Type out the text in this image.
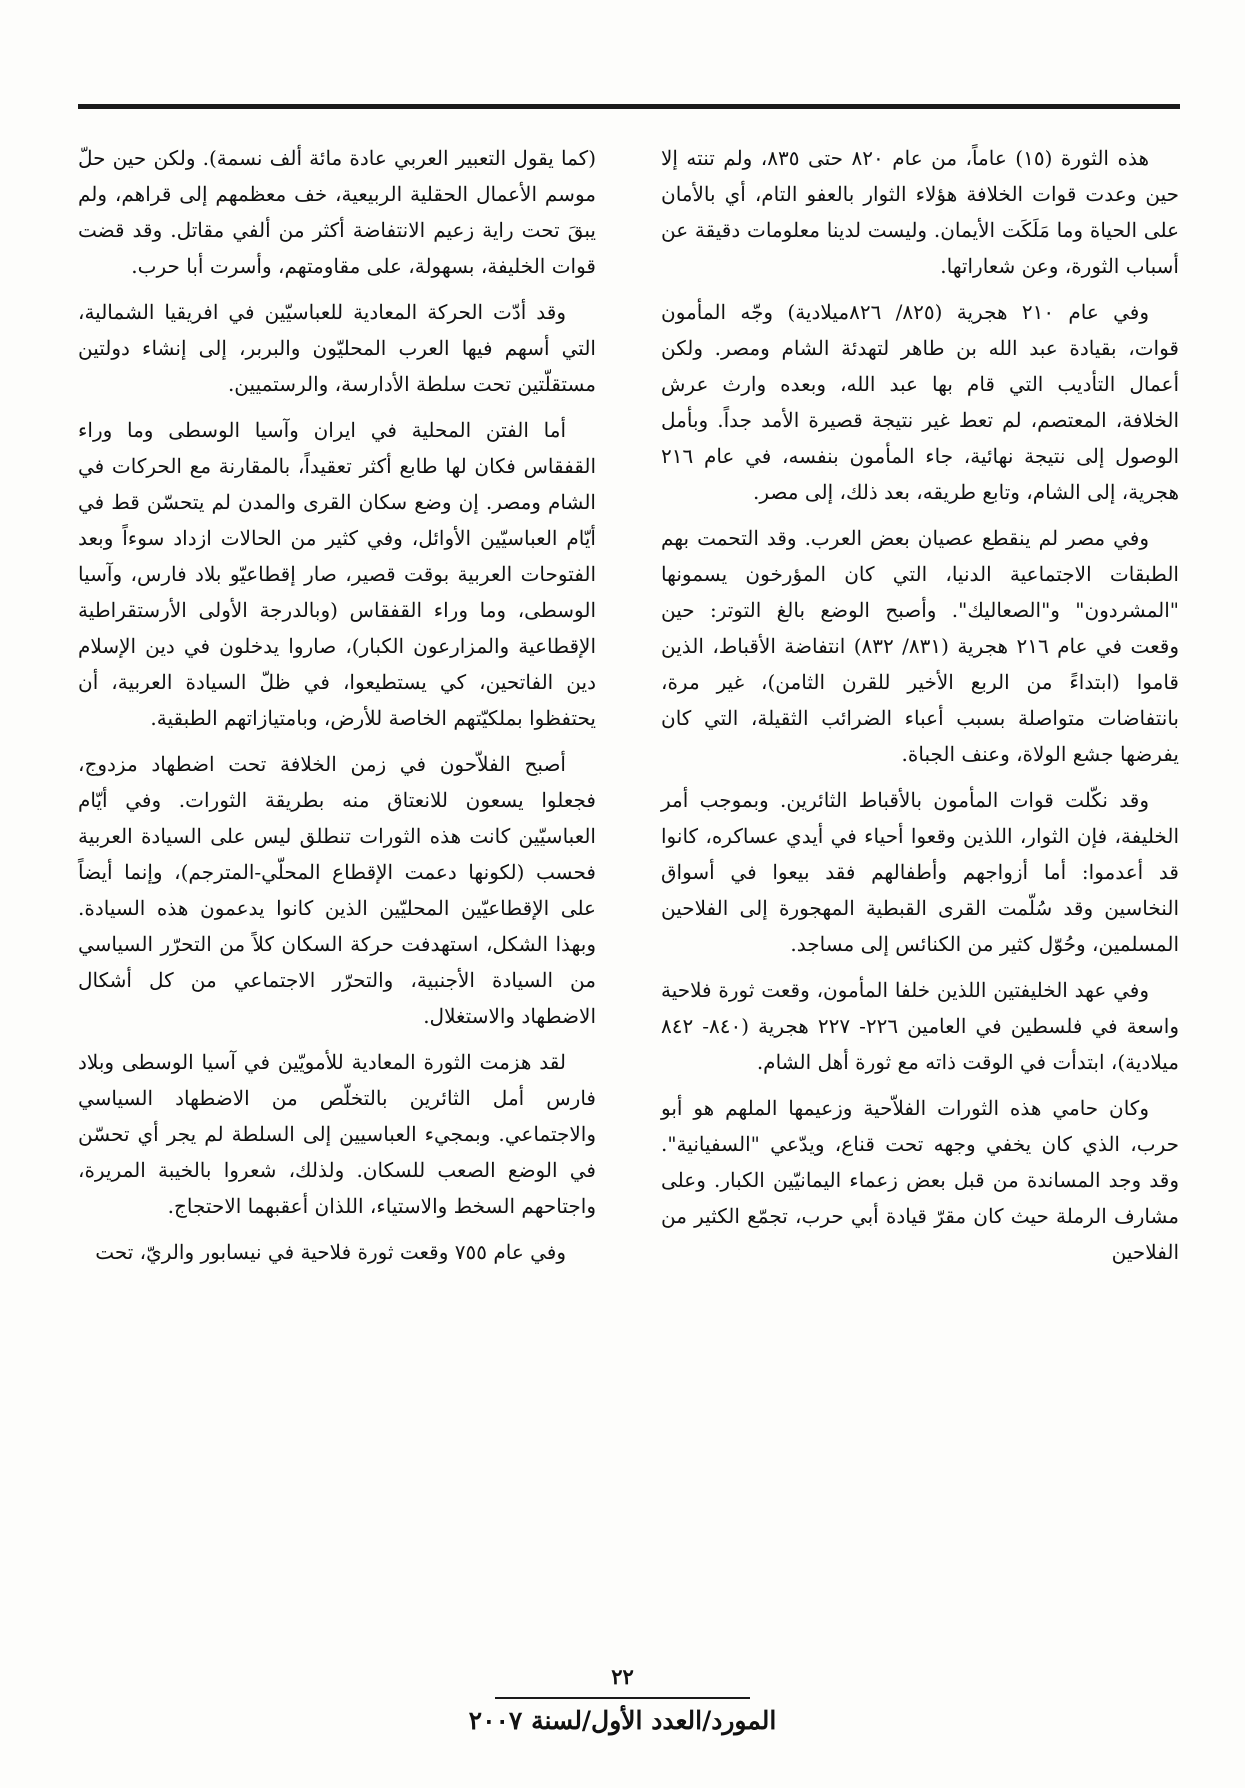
هذه الثورة (١٥) عاماً، من عام ٨٢٠ حتى ٨٣٥، ولم تنته إلا حين وعدت قوات الخلافة هؤلاء الثوار بالعفو التام، أي بالأمان على الحياة وما مَلَكَت الأيمان. وليست لدينا معلومات دقيقة عن أسباب الثورة، وعن شعاراتها.

وفي عام ٢١٠ هجرية (٨٢٥/ ٨٢٦ميلادية) وجّه المأمون قوات، بقيادة عبد الله بن طاهر لتهدئة الشام ومصر. ولكن أعمال التأديب التي قام بها عبد الله، وبعده وارث عرش الخلافة، المعتصم، لم تعط غير نتيجة قصيرة الأمد جداً. وبأمل الوصول إلى نتيجة نهائية، جاء المأمون بنفسه، في عام ٢١٦ هجرية، إلى الشام، وتابع طريقه، بعد ذلك، إلى مصر.

وفي مصر لم ينقطع عصيان بعض العرب. وقد التحمت بهم الطبقات الاجتماعية الدنيا، التي كان المؤرخون يسمونها "المشردون" و"الصعاليك". وأصبح الوضع بالغ التوتر: حين وقعت في عام ٢١٦ هجرية (٨٣١/ ٨٣٢) انتفاضة الأقباط، الذين قاموا (ابتداءً من الربع الأخير للقرن الثامن)، غير مرة، بانتفاضات متواصلة بسبب أعباء الضرائب الثقيلة، التي كان يفرضها جشع الولاة، وعنف الجباة.

وقد نكّلت قوات المأمون بالأقباط الثائرين. وبموجب أمر الخليفة، فإن الثوار، اللذين وقعوا أحياء في أيدي عساكره، كانوا قد أعدموا: أما أزواجهم وأطفالهم فقد بيعوا في أسواق النخاسين وقد سُلّمت القرى القبطية المهجورة إلى الفلاحين المسلمين، وحُوّل كثير من الكنائس إلى مساجد.

وفي عهد الخليفتين اللذين خلفا المأمون، وقعت ثورة فلاحية واسعة في فلسطين في العامين ٢٢٦- ٢٢٧ هجرية (٨٤٠- ٨٤٢ ميلادية)، ابتدأت في الوقت ذاته مع ثورة أهل الشام.

وكان حامي هذه الثورات الفلاّحية وزعيمها الملهم هو أبو حرب، الذي كان يخفي وجهه تحت قناع، ويدّعي "السفيانية". وقد وجد المساندة من قبل بعض زعماء اليمانيّين الكبار. وعلى مشارف الرملة حيث كان مقرّ قيادة أبي حرب، تجمّع الكثير من الفلاحين

(كما يقول التعبير العربي عادة مائة ألف نسمة). ولكن حين حلّ موسم الأعمال الحقلية الربيعية، خف معظمهم إلى قراهم، ولم يبقَ تحت راية زعيم الانتفاضة أكثر من ألفي مقاتل. وقد قضت قوات الخليفة، بسهولة، على مقاومتهم، وأسرت أبا حرب.

وقد أدّت الحركة المعادية للعباسيّين في افريقيا الشمالية، التي أسهم فيها العرب المحليّون والبربر، إلى إنشاء دولتين مستقلّتين تحت سلطة الأدارسة، والرستميين.

أما الفتن المحلية في ايران وآسيا الوسطى وما وراء القفقاس فكان لها طابع أكثر تعقيداً، بالمقارنة مع الحركات في الشام ومصر. إن وضع سكان القرى والمدن لم يتحسّن قط في أيّام العباسيّين الأوائل، وفي كثير من الحالات ازداد سوءاً وبعد الفتوحات العربية بوقت قصير، صار إقطاعيّو بلاد فارس، وآسيا الوسطى، وما وراء القفقاس (وبالدرجة الأولى الأرستقراطية الإقطاعية والمزارعون الكبار)، صاروا يدخلون في دين الإسلام دين الفاتحين، كي يستطيعوا، في ظلّ السيادة العربية، أن يحتفظوا بملكيّتهم الخاصة للأرض، وبامتيازاتهم الطبقية.

أصبح الفلاّحون في زمن الخلافة تحت اضطهاد مزدوج، فجعلوا يسعون للانعتاق منه بطريقة الثورات. وفي أيّام العباسيّين كانت هذه الثورات تنطلق ليس على السيادة العربية فحسب (لكونها دعمت الإقطاع المحلّي-المترجم)، وإنما أيضاً على الإقطاعيّين المحليّين الذين كانوا يدعمون هذه السيادة. وبهذا الشكل، استهدفت حركة السكان كلاً من التحرّر السياسي من السيادة الأجنبية، والتحرّر الاجتماعي من كل أشكال الاضطهاد والاستغلال.

لقد هزمت الثورة المعادية للأمويّين في آسيا الوسطى وبلاد فارس أمل الثائرين بالتخلّص من الاضطهاد السياسي والاجتماعي. وبمجيء العباسيين إلى السلطة لم يجر أي تحسّن في الوضع الصعب للسكان. ولذلك، شعروا بالخيبة المريرة، واجتاحهم السخط والاستياء، اللذان أعقبهما الاحتجاج.

وفي عام ٧٥٥ وقعت ثورة فلاحية في نيسابور والريّ، تحت

٢٢
المورد/العدد الأول/لسنة ٢٠٠٧
